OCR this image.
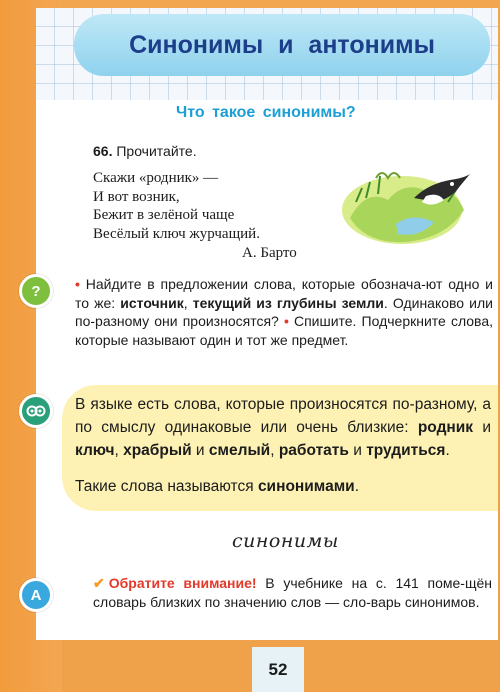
Синонимы и антонимы
Что такое синонимы?
66. Прочитайте.
Скажи «родник» —
И вот возник,
Бежит в зелёной чаще
Весёлый ключ журчащий.
А. Барто
? • Найдите в предложении слова, которые обознача-ют одно и то же: источник, текущий из глубины земли. Одинаково или по-разному они произносятся? • Спишите. Подчеркните слова, которые называют один и тот же предмет.
В языке есть слова, которые произносятся по-разному, а по смыслу одинаковые или очень близкие: родник и ключ, храбрый и смелый, работать и трудиться.
Такие слова называются синонимами.
синонимы
A
✔ Обратите внимание! В учебнике на с. 141 поме-щён словарь близких по значению слов — сло-варь синонимов.
52
